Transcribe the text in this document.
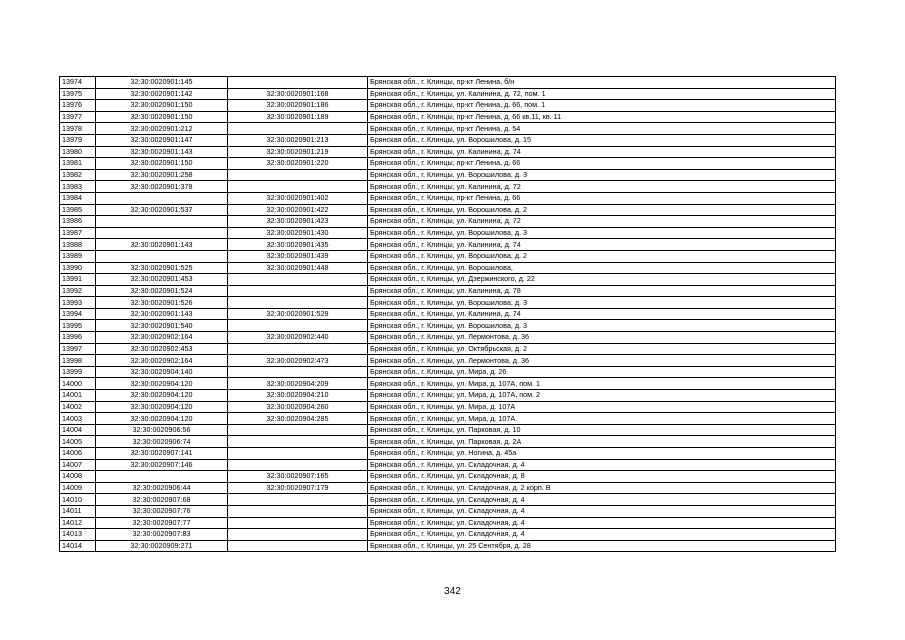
13974	32:30:0020901:145		Брянская обл., г. Клинцы, пр-кт Ленина, б/н
13975	32:30:0020901:142	32:30:0020901:168	Брянская обл., г. Клинцы, ул. Калинина, д. 72, пом. 1
13976	32:30:0020901:150	32:30:0020901:186	Брянская обл., г. Клинцы, пр-кт Ленина, д. 66, пом. 1
13977	32:30:0020901:150	32:30:0020901:189	Брянская обл., г. Клинцы, пр-кт Ленина, д. 66 кв.11, кв. 11
13978	32:30:0020901:212		Брянская обл., г. Клинцы, пр-кт Ленина, д. 54
13979	32:30:0020901:147	32:30:0020901:213	Брянская обл., г. Клинцы, ул. Ворошилова, д. 15
13980	32:30:0020901:143	32:30:0020901:219	Брянская обл., г. Клинцы, ул. Калинина, д. 74
13981	32:30:0020901:150	32:30:0020901:220	Брянская обл., г. Клинцы, пр-кт Ленина, д. 66
13982	32:30:0020901:258		Брянская обл., г. Клинцы, ул. Ворошилова, д. 3
13983	32:30:0020901:378		Брянская обл., г. Клинцы, ул. Калинина, д. 72
13984		32:30:0020901:402	Брянская обл., г. Клинцы, пр-кт Ленина, д. 66
13985	32:30:0020901:537	32:30:0020901:422	Брянская обл., г. Клинцы, ул. Ворошилова, д. 2
13986		32:30:0020901:423	Брянская обл., г. Клинцы, ул. Калинина, д. 72
13987		32:30:0020901:430	Брянская обл., г. Клинцы, ул. Ворошилова, д. 3
13988	32:30:0020901:143	32:30:0020901:435	Брянская обл., г. Клинцы, ул. Калинина, д. 74
13989		32:30:0020901:439	Брянская обл., г. Клинцы, ул. Ворошилова, д. 2
13990	32:30:0020901:525	32:30:0020901:448	Брянская обл., г. Клинцы, ул. Ворошилова,
13991	32:30:0020901:453		Брянская обл., г. Клинцы, ул. Дзержинского, д. 22
13992	32:30:0020901:524		Брянская обл., г. Клинцы, ул. Калинина, д. 78
13993	32:30:0020901:526		Брянская обл., г. Клинцы, ул. Ворошилова, д. 3
13994	32:30:0020901:143	32:30:0020901:529	Брянская обл., г. Клинцы, ул. Калинина, д. 74
13995	32:30:0020901:540		Брянская обл., г. Клинцы, ул. Ворошилова, д. 3
13996	32:30:0020902:164	32:30:0020902:440	Брянская обл., г. Клинцы, ул. Лермонтова, д. 36
13997	32:30:0020902:453		Брянская обл., г. Клинцы, ул. Октябрьская, д. 2
13998	32:30:0020902:164	32:30:0020902:473	Брянская обл., г. Клинцы, ул. Лермонтова, д. 36
13999	32:30:0020904:140		Брянская обл., г. Клинцы, ул. Мира, д. 26
14000	32:30:0020904:120	32:30:0020904:209	Брянская обл., г. Клинцы, ул. Мира, д. 107А, пом. 1
14001	32:30:0020904:120	32:30:0020904:210	Брянская обл., г. Клинцы, ул. Мира, д. 107А, пом. 2
14002	32:30:0020904:120	32:30:0020904:260	Брянская обл., г. Клинцы, ул. Мира, д. 107А
14003	32:30:0020904:120	32:30:0020904:285	Брянская обл., г. Клинцы, ул. Мира, д. 107А
14004	32:30:0020906:56		Брянская обл., г. Клинцы, ул. Парковая, д. 10
14005	32:30:0020906:74		Брянская обл., г. Клинцы, ул. Парковая, д. 2А
14006	32:30:0020907:141		Брянская обл., г. Клинцы, ул. Ногина, д. 45а
14007	32:30:0020907:146		Брянская обл., г. Клинцы, ул. Складочная, д. 4
14008		32:30:0020907:165	Брянская обл., г. Клинцы, ул. Складочная, д. 8
14009	32:30:0020906:44	32:30:0020907:179	Брянская обл., г. Клинцы, ул. Складочная, д. 2 корп. В
14010	32:30:0020907:68		Брянская обл., г. Клинцы, ул. Складочная, д. 4
14011	32:30:0020907:76		Брянская обл., г. Клинцы, ул. Складочная, д. 4
14012	32:30:0020907:77		Брянская обл., г. Клинцы, ул. Складочная, д. 4
14013	32:30:0020907:83		Брянская обл., г. Клинцы, ул. Складочная, д. 4
14014	32:30:0020909:271		Брянская обл., г. Клинцы, ул. 25 Сентября, д. 28
342
